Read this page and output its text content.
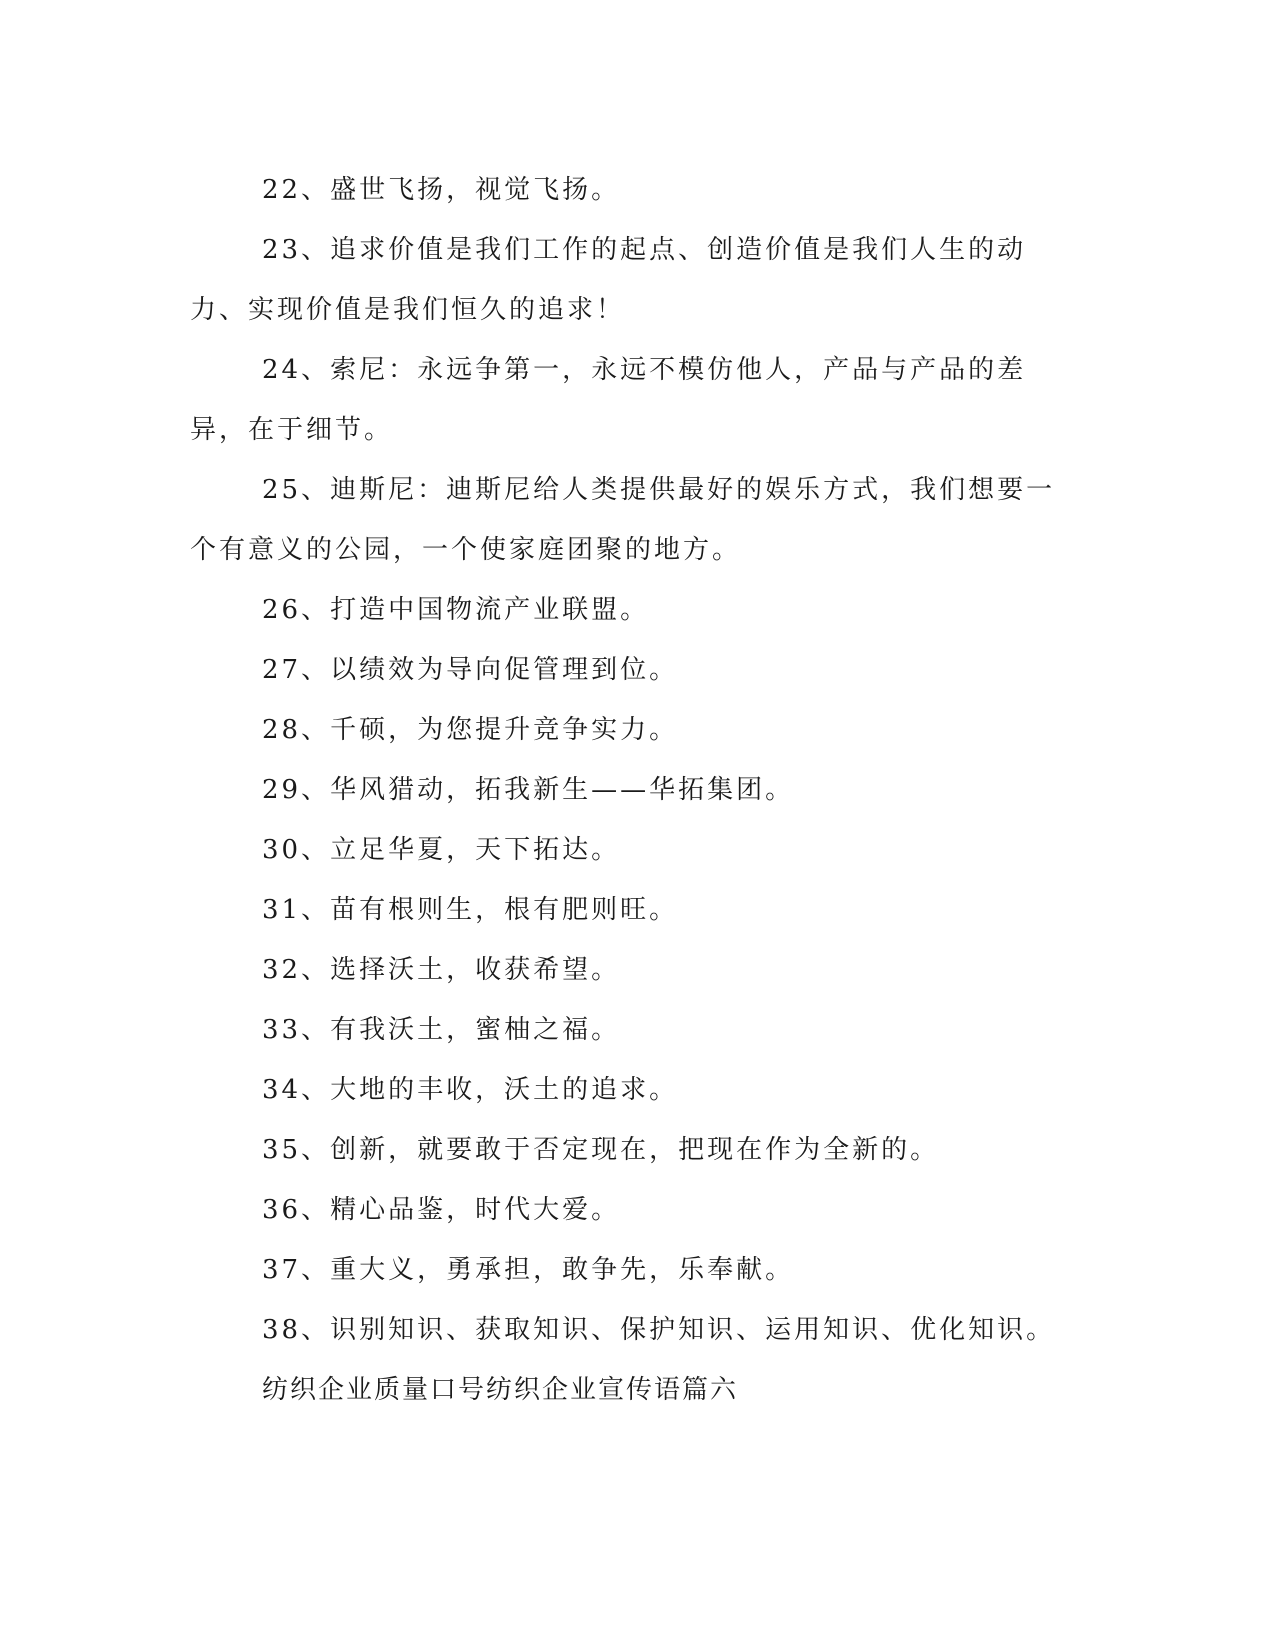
22、盛世飞扬，视觉飞扬。

23、追求价值是我们工作的起点、创造价值是我们人生的动力、实现价值是我们恒久的追求！

24、索尼：永远争第一，永远不模仿他人，产品与产品的差异，在于细节。

25、迪斯尼：迪斯尼给人类提供最好的娱乐方式，我们想要一个有意义的公园，一个使家庭团聚的地方。

26、打造中国物流产业联盟。

27、以绩效为导向促管理到位。

28、千硕，为您提升竞争实力。

29、华风猎动，拓我新生——华拓集团。

30、立足华夏，天下拓达。

31、苗有根则生，根有肥则旺。

32、选择沃土，收获希望。

33、有我沃土，蜜柚之福。

34、大地的丰收，沃土的追求。

35、创新，就要敢于否定现在，把现在作为全新的。

36、精心品鉴，时代大爱。

37、重大义，勇承担，敢争先，乐奉献。

38、识别知识、获取知识、保护知识、运用知识、优化知识。

纺织企业质量口号纺织企业宣传语篇六
